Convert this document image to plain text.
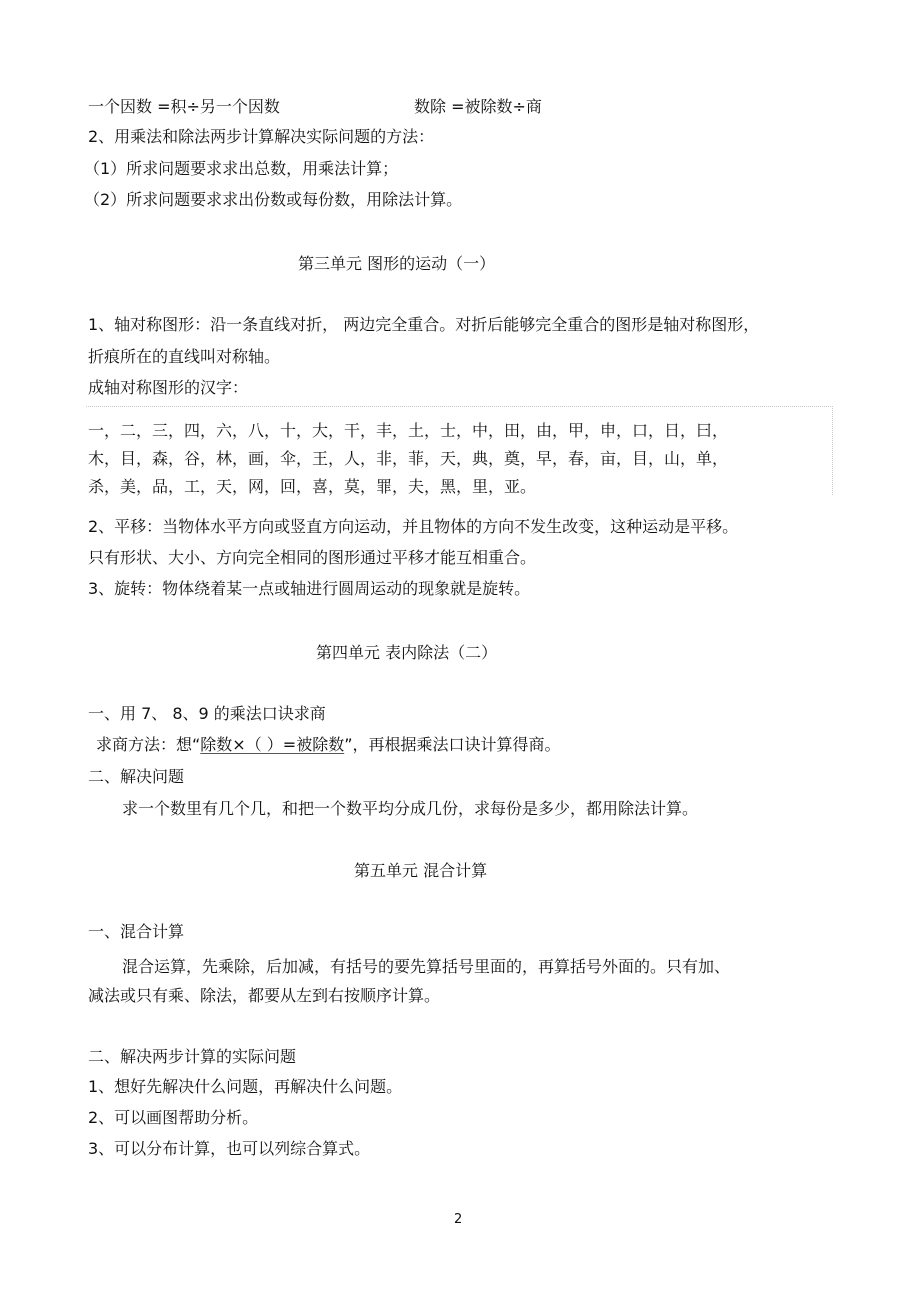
一个因数 =积÷另一个因数	数除 =被除数÷商
2、用乘法和除法两步计算解决实际问题的方法：
（1）所求问题要求求出总数，用乘法计算；
（2）所求问题要求求出份数或每份数，用除法计算。
第三单元 图形的运动（一）
1、轴对称图形：沿一条直线对折， 两边完全重合。对折后能够完全重合的图形是轴对称图形，
折痕所在的直线叫对称轴。
成轴对称图形的汉字：
一，二，三，四，六，八，十，大，干，丰，土，士，中，田，由，甲，申，口，日，曰，
木，目，森，谷，林，画，伞，王，人，非，菲，天，典，奠，早，春，亩，目，山，单，
杀，美，品，工，天，网，回，喜，莫，罪，夫，黑，里，亚。
2、平移：当物体水平方向或竖直方向运动，并且物体的方向不发生改变，这种运动是平移。
只有形状、大小、方向完全相同的图形通过平移才能互相重合。
3、旋转：物体绕着某一点或轴进行圆周运动的现象就是旋转。
第四单元 表内除法（二）
一、用 7、 8、9 的乘法口诀求商
求商方法：想“除数×（ ）=被除数”，再根据乘法口诀计算得商。
二、解决问题
求一个数里有几个几，和把一个数平均分成几份，求每份是多少，都用除法计算。
第五单元 混合计算
一、混合计算
混合运算，先乘除，后加减，有括号的要先算括号里面的，再算括号外面的。只有加、
减法或只有乘、除法，都要从左到右按顺序计算。
二、解决两步计算的实际问题
1、想好先解决什么问题，再解决什么问题。
2、可以画图帮助分析。
3、可以分布计算，也可以列综合算式。
2
